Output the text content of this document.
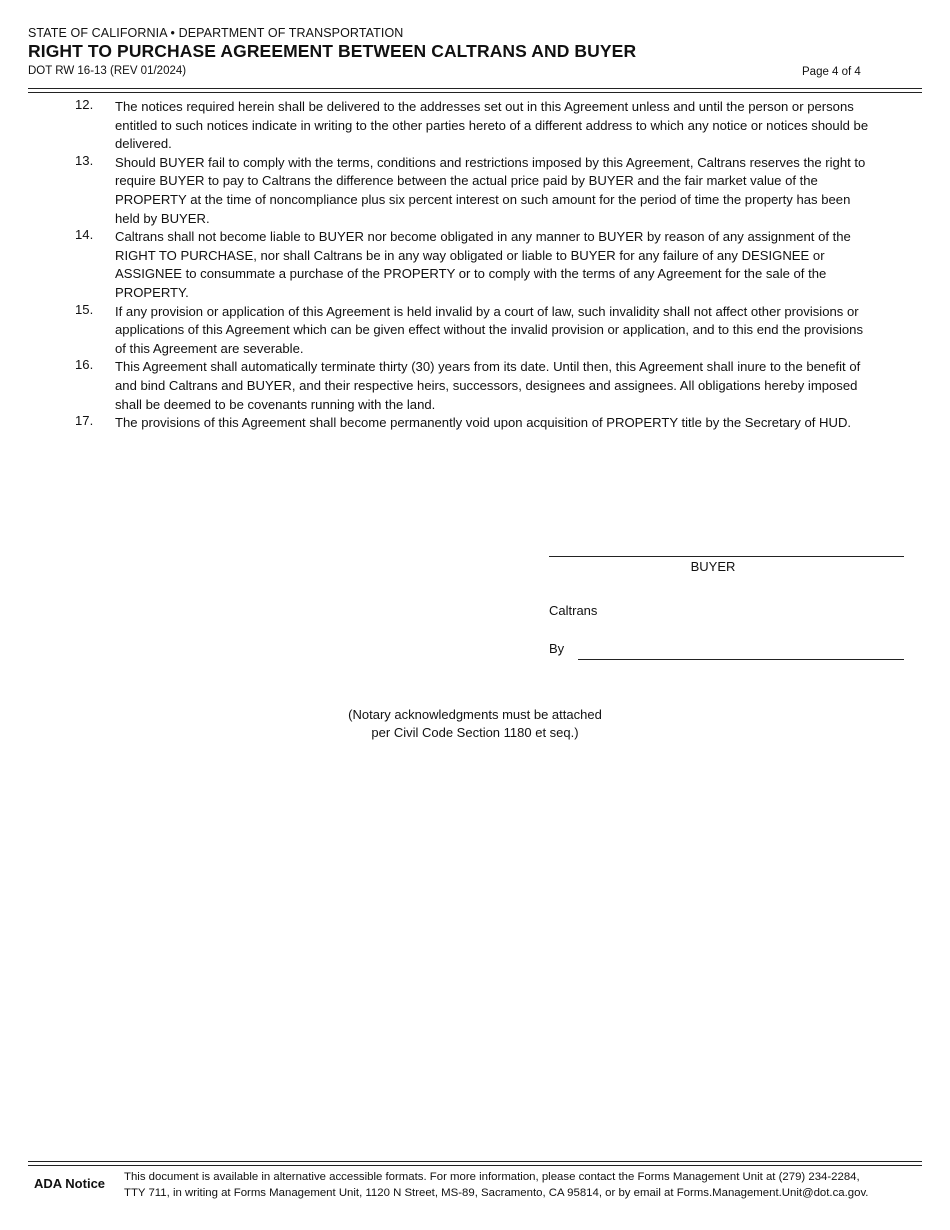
STATE OF CALIFORNIA • DEPARTMENT OF TRANSPORTATION
RIGHT TO PURCHASE AGREEMENT BETWEEN CALTRANS AND BUYER
DOT RW 16-13 (REV 01/2024)	Page 4 of 4
12. The notices required herein shall be delivered to the addresses set out in this Agreement unless and until the person or persons entitled to such notices indicate in writing to the other parties hereto of a different address to which any notice or notices should be delivered.
13. Should BUYER fail to comply with the terms, conditions and restrictions imposed by this Agreement, Caltrans reserves the right to require BUYER to pay to Caltrans the difference between the actual price paid by BUYER and the fair market value of the PROPERTY at the time of noncompliance plus six percent interest on such amount for the period of time the property has been held by BUYER.
14. Caltrans shall not become liable to BUYER nor become obligated in any manner to BUYER by reason of any assignment of the RIGHT TO PURCHASE, nor shall Caltrans be in any way obligated or liable to BUYER for any failure of any DESIGNEE or ASSIGNEE to consummate a purchase of the PROPERTY or to comply with the terms of any Agreement for the sale of the PROPERTY.
15. If any provision or application of this Agreement is held invalid by a court of law, such invalidity shall not affect other provisions or applications of this Agreement which can be given effect without the invalid provision or application, and to this end the provisions of this Agreement are severable.
16. This Agreement shall automatically terminate thirty (30) years from its date. Until then, this Agreement shall inure to the benefit of and bind Caltrans and BUYER, and their respective heirs, successors, designees and assignees. All obligations hereby imposed shall be deemed to be covenants running with the land.
17. The provisions of this Agreement shall become permanently void upon acquisition of PROPERTY title by the Secretary of HUD.
BUYER
Caltrans
By
(Notary acknowledgments must be attached
per Civil Code Section 1180 et seq.)
ADA Notice This document is available in alternative accessible formats. For more information, please contact the Forms Management Unit at (279) 234-2284,
TTY 711, in writing at Forms Management Unit, 1120 N Street, MS-89, Sacramento, CA 95814, or by email at Forms.Management.Unit@dot.ca.gov.
